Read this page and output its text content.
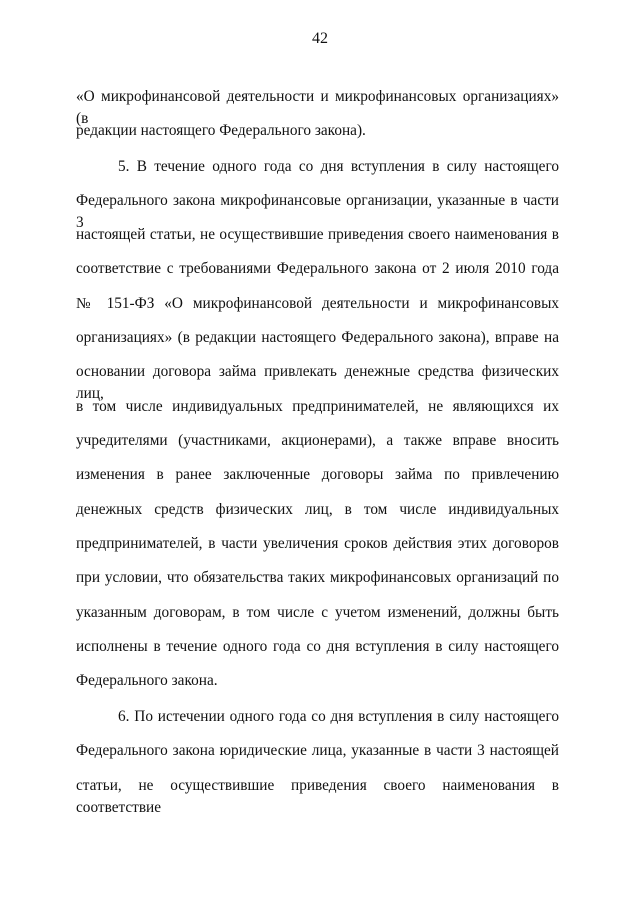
42
«О микрофинансовой деятельности и микрофинансовых организациях» (в
редакции настоящего Федерального закона).
5. В течение одного года со дня вступления в силу настоящего
Федерального закона микрофинансовые организации, указанные в части 3
настоящей статьи, не осуществившие приведения своего наименования в
соответствие с требованиями Федерального закона от 2 июля 2010 года
№ 151-ФЗ «О микрофинансовой деятельности и микрофинансовых
организациях» (в редакции настоящего Федерального закона), вправе на
основании договора займа привлекать денежные средства физических лиц,
в том числе индивидуальных предпринимателей, не являющихся их
учредителями (участниками, акционерами), а также вправе вносить
изменения в ранее заключенные договоры займа по привлечению
денежных средств физических лиц, в том числе индивидуальных
предпринимателей, в части увеличения сроков действия этих договоров
при условии, что обязательства таких микрофинансовых организаций по
указанным договорам, в том числе с учетом изменений, должны быть
исполнены в течение одного года со дня вступления в силу настоящего
Федерального закона.
6. По истечении одного года со дня вступления в силу настоящего
Федерального закона юридические лица, указанные в части 3 настоящей
статьи, не осуществившие приведения своего наименования в соответствие
